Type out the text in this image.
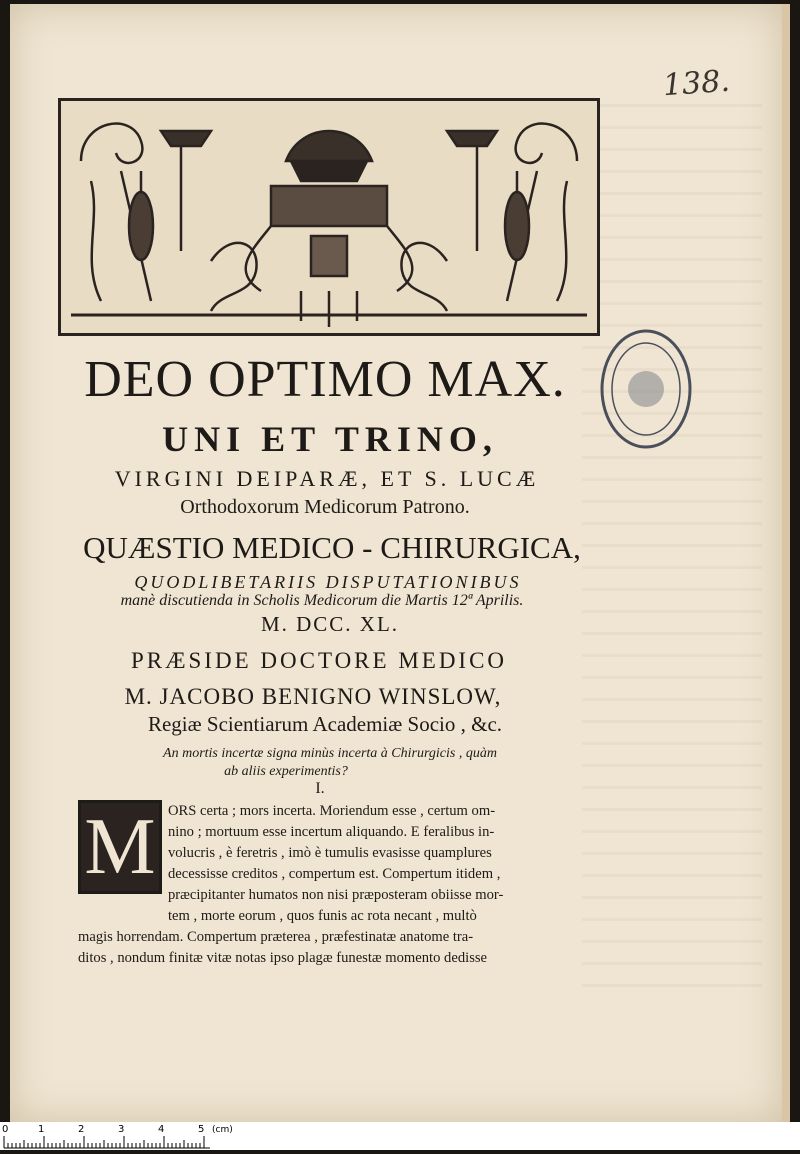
138.
DEO OPTIMO MAX.
UNI ET TRINO,
VIRGINI DEIPARÆ, ET S. LUCÆ
Orthodoxorum Medicorum Patrono.
QUÆSTIO MEDICO - CHIRURGICA,
QUODLIBETARIIS DISPUTATIONIBUS
manè discutienda in Scholis Medicorum die Martis 12ª Aprilis.
M. DCC. XL.
PRÆSIDE DOCTORE MEDICO
M. JACOBO BENIGNO WINSLOW,
Regiæ Scientiarum Academiæ Socio , &c.
An mortis incertæ signa minùs incerta à Chirurgicis , quàm
ab aliis experimentis?
I.
M ORS certa ; mors incerta. Moriendum esse , certum om-
nino ; mortuum esse incertum aliquando. E feralibus in-
volucris , è feretris , imò è tumulis evasisse quamplures
decessisse creditos , compertum est. Compertum itidem ,
præcipitanter humatos non nisi præposteram obiisse mor-
tem , morte eorum , quos funis ac rota necant , multò
magis horrendam. Compertum præterea , præfestinatæ anatome tra-
ditos , nondum finitæ vitæ notas ipso plagæ funestæ momento dedisse
0	1	2	3	4	5 (cm)
